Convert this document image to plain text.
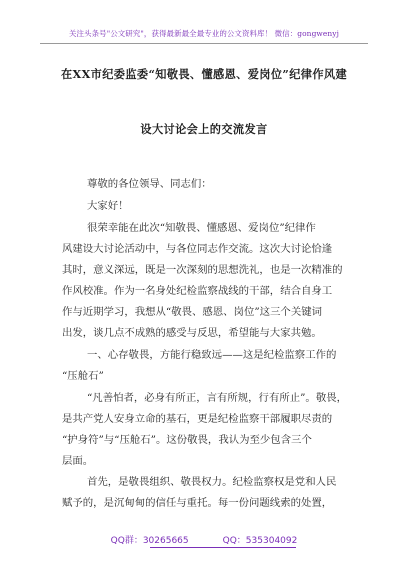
关注头条号"公文研究"，获得最新最全最专业的公文资料库！ 微信：gongwenyj
在XX市纪委监委“知敬畏、懂感恩、爱岗位”纪律作风建
设大讨论会上的交流发言
尊敬的各位领导、同志们：
大家好！
很荣幸能在此次“知敬畏、懂感恩、爱岗位”纪律作
风建设大讨论活动中，与各位同志作交流。这次大讨论恰逢
其时，意义深远，既是一次深刻的思想洗礼，也是一次精准的
作风校准。作为一名身处纪检监察战线的干部，结合自身工
作与近期学习，我想从“敬畏、感恩、岗位”这三个关键词
出发，谈几点不成熟的感受与反思，希望能与大家共勉。
一、心存敬畏，方能行稳致远——这是纪检监察工作的
“压舱石”
“凡善怕者，必身有所正，言有所规，行有所止”。敬畏，
是共产党人安身立命的基石，更是纪检监察干部履职尽责的
“护身符”与“压舱石”。这份敬畏，我认为至少包含三个
层面。
首先，是敬畏组织、敬畏权力。纪检监察权是党和人民
赋予的，是沉甸甸的信任与重托。每一份问题线索的处置，
QQ群：30265665	QQ：535304092
